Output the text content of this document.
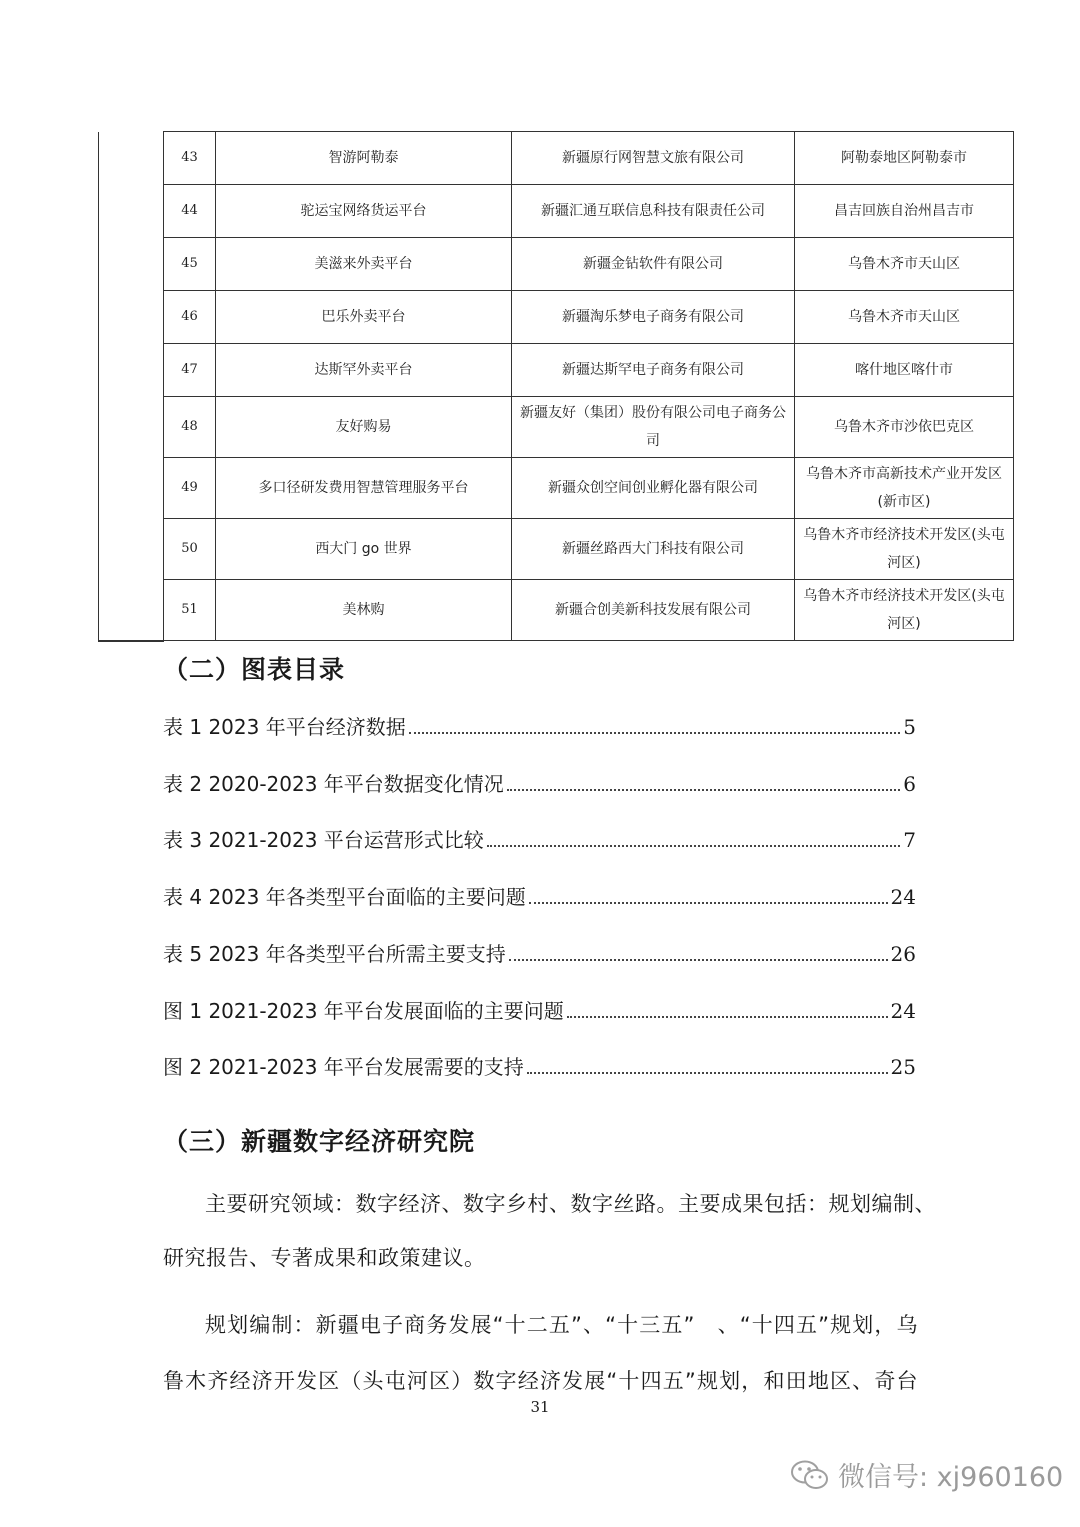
	43	智游阿勒泰	新疆原行网智慧文旅有限公司	阿勒泰地区阿勒泰市
	44	驼运宝网络货运平台	新疆汇通互联信息科技有限责任公司	昌吉回族自治州昌吉市
	45	美滋来外卖平台	新疆金钻软件有限公司	乌鲁木齐市天山区
	46	巴乐外卖平台	新疆淘乐梦电子商务有限公司	乌鲁木齐市天山区
	47	达斯罕外卖平台	新疆达斯罕电子商务有限公司	喀什地区喀什市
	48	友好购易	新疆友好（集团）股份有限公司电子商务公司	乌鲁木齐市沙依巴克区
	49	多口径研发费用智慧管理服务平台	新疆众创空间创业孵化器有限公司	乌鲁木齐市高新技术产业开发区(新市区)
	50	西大门 go 世界	新疆丝路西大门科技有限公司	乌鲁木齐市经济技术开发区(头屯河区)
	51	美林购	新疆合创美新科技发展有限公司	乌鲁木齐市经济技术开发区(头屯河区)
（二）图表目录
表 1 2023 年平台经济数据	5
表 2 2020-2023 年平台数据变化情况	6
表 3 2021-2023 平台运营形式比较	7
表 4 2023 年各类型平台面临的主要问题	24
表 5 2023 年各类型平台所需主要支持	26
图 1 2021-2023 年平台发展面临的主要问题	24
图 2 2021-2023 年平台发展需要的支持	25
（三）新疆数字经济研究院
主要研究领域：数字经济、数字乡村、数字丝路。主要成果包括：规划编制、
研究报告、专著成果和政策建议。
规划编制：新疆电子商务发展“十二五”、“十三五”　、“十四五”规划，乌
鲁木齐经济开发区（头屯河区）数字经济发展“十四五”规划，和田地区、奇台
31
微信号: xj960160
